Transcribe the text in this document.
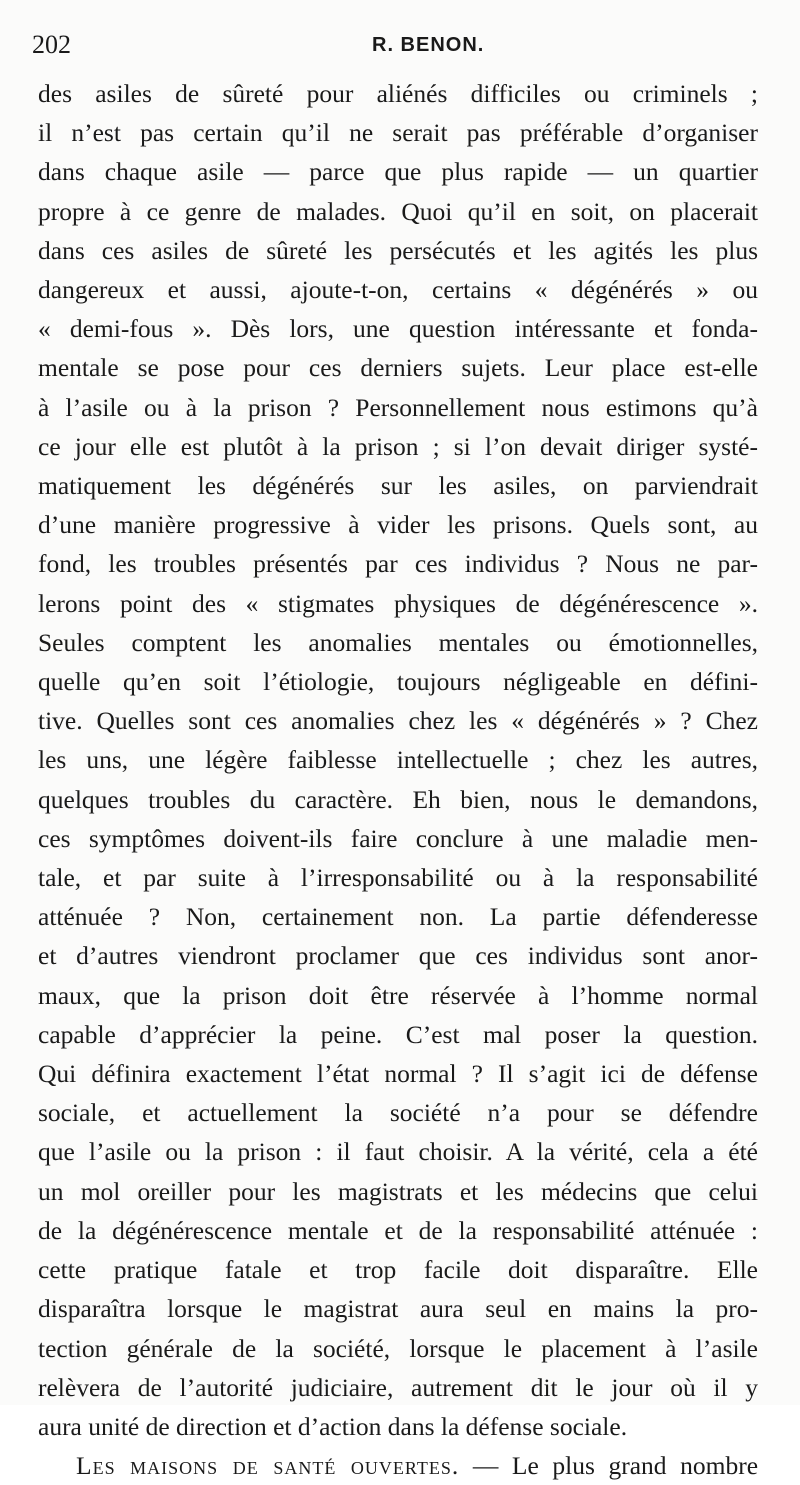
202	R. BENON.
des asiles de sûreté pour aliénés difficiles ou criminels ;
il n’est pas certain qu’il ne serait pas préférable d’organiser
dans chaque asile — parce que plus rapide — un quartier
propre à ce genre de malades. Quoi qu’il en soit, on placerait
dans ces asiles de sûreté les persécutés et les agités les plus
dangereux et aussi, ajoute-t-on, certains « dégénérés » ou
« demi-fous ». Dès lors, une question intéressante et fonda-
mentale se pose pour ces derniers sujets. Leur place est-elle
à l’asile ou à la prison ? Personnellement nous estimons qu’à
ce jour elle est plutôt à la prison ; si l’on devait diriger systé-
matiquement les dégénérés sur les asiles, on parviendrait
d’une manière progressive à vider les prisons. Quels sont, au
fond, les troubles présentés par ces individus ? Nous ne par-
lerons point des « stigmates physiques de dégénérescence ».
Seules comptent les anomalies mentales ou émotionnelles,
quelle qu’en soit l’étiologie, toujours négligeable en défini-
tive. Quelles sont ces anomalies chez les « dégénérés » ? Chez
les uns, une légère faiblesse intellectuelle ; chez les autres,
quelques troubles du caractère. Eh bien, nous le demandons,
ces symptômes doivent-ils faire conclure à une maladie men-
tale, et par suite à l’irresponsabilité ou à la responsabilité
atténuée ? Non, certainement non. La partie défenderesse
et d’autres viendront proclamer que ces individus sont anor-
maux, que la prison doit être réservée à l’homme normal
capable d’apprécier la peine. C’est mal poser la question.
Qui définira exactement l’état normal ? Il s’agit ici de défense
sociale, et actuellement la société n’a pour se défendre
que l’asile ou la prison : il faut choisir. A la vérité, cela a été
un mol oreiller pour les magistrats et les médecins que celui
de la dégénérescence mentale et de la responsabilité atténuée :
cette pratique fatale et trop facile doit disparaître. Elle
disparaîtra lorsque le magistrat aura seul en mains la pro-
tection générale de la société, lorsque le placement à l’asile
relèvera de l’autorité judiciaire, autrement dit le jour où il y
aura unité de direction et d’action dans la défense sociale.
Les maisons de santé ouvertes. — Le plus grand nombre
